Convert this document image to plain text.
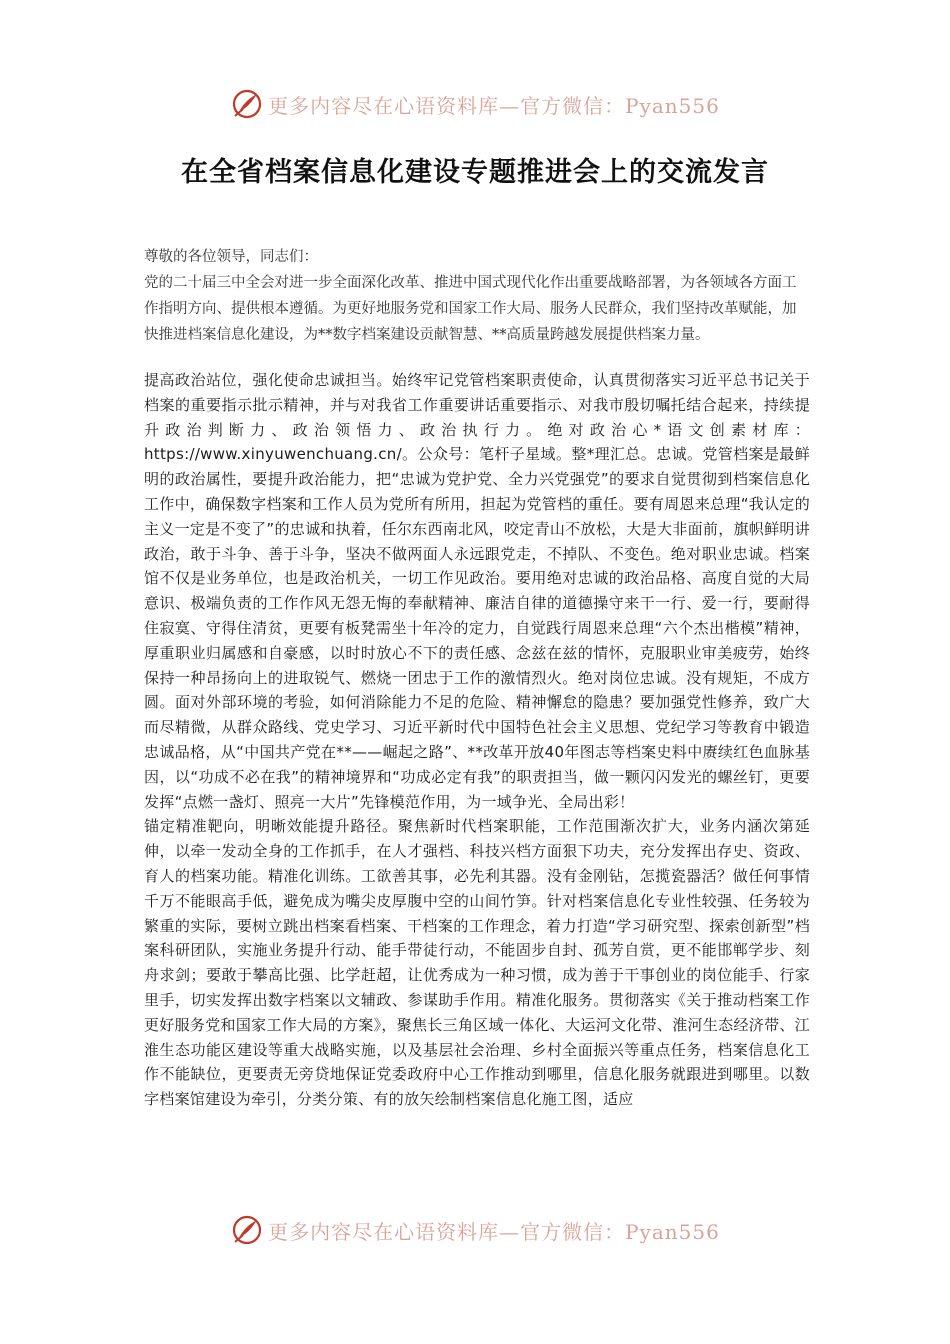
更多内容尽在心语资料库—官方微信：Pyan556
在全省档案信息化建设专题推进会上的交流发言

尊敬的各位领导，同志们：

党的二十届三中全会对进一步全面深化改革、推进中国式现代化作出重要战略部署，为各领域各方面工作指明方向、提供根本遵循。为更好地服务党和国家工作大局、服务人民群众，我们坚持改革赋能，加快推进档案信息化建设，为**数字档案建设贡献智慧、**高质量跨越发展提供档案力量。

提高政治站位，强化使命忠诚担当。始终牢记党管档案职责使命，认真贯彻落实习近平总书记关于档案的重要指示批示精神，并与对我省工作重要讲话重要指示、对我市殷切嘱托结合起来，持续提升政治判断力、政治领悟力、政治执行力。绝对政治心*语文创素材库：https://www.xinyuwenchuang.cn/。公众号：笔杆子星域。整*理汇总。忠诚。党管档案是最鲜明的政治属性，要提升政治能力，把“忠诚为党护党、全力兴党强党”的要求自觉贯彻到档案信息化工作中，确保数字档案和工作人员为党所有所用，担起为党管档的重任。要有周恩来总理“我认定的主义一定是不变了”的忠诚和执着，任尔东西南北风，咬定青山不放松，大是大非面前，旗帜鲜明讲政治，敢于斗争、善于斗争，坚决不做两面人永远跟党走，不掉队、不变色。绝对职业忠诚。档案馆不仅是业务单位，也是政治机关，一切工作见政治。要用绝对忠诚的政治品格、高度自觉的大局意识、极端负责的工作作风无怨无悔的奉献精神、廉洁自律的道德操守来干一行、爱一行，要耐得住寂寞、守得住清贫，更要有板凳需坐十年冷的定力，自觉践行周恩来总理“六个杰出楷模”精神，厚重职业归属感和自豪感，以时时放心不下的责任感、念兹在兹的情怀，克服职业审美疲劳，始终保持一种昂扬向上的进取锐气、燃烧一团忠于工作的激情烈火。绝对岗位忠诚。没有规矩，不成方圆。面对外部环境的考验，如何消除能力不足的危险、精神懈怠的隐患？要加强党性修养，致广大而尽精微，从群众路线、党史学习、习近平新时代中国特色社会主义思想、党纪学习等教育中锻造忠诚品格，从“中国共产党在**——崛起之路”、**改革开放40年图志等档案史料中赓续红色血脉基因，以“功成不必在我”的精神境界和“功成必定有我”的职责担当，做一颗闪闪发光的螺丝钉，更要发挥“点燃一盏灯、照亮一大片”先锋模范作用，为一域争光、全局出彩！

锚定精准靶向，明晰效能提升路径。聚焦新时代档案职能，工作范围渐次扩大，业务内涵次第延伸，以牵一发动全身的工作抓手，在人才强档、科技兴档方面狠下功夫，充分发挥出存史、资政、育人的档案功能。精准化训练。工欲善其事，必先利其器。没有金刚钻，怎揽瓷器活？做任何事情千万不能眼高手低，避免成为嘴尖皮厚腹中空的山间竹笋。针对档案信息化专业性较强、任务较为繁重的实际，要树立跳出档案看档案、干档案的工作理念，着力打造“学习研究型、探索创新型”档案科研团队，实施业务提升行动、能手带徒行动，不能固步自封、孤芳自赏，更不能邯郸学步、刻舟求剑；要敢于攀高比强、比学赶超，让优秀成为一种习惯，成为善于干事创业的岗位能手、行家里手，切实发挥出数字档案以文辅政、参谋助手作用。精准化服务。贯彻落实《关于推动档案工作更好服务党和国家工作大局的方案》，聚焦长三角区域一体化、大运河文化带、淮河生态经济带、江淮生态功能区建设等重大战略实施，以及基层社会治理、乡村全面振兴等重点任务，档案信息化工作不能缺位，更要责无旁贷地保证党委政府中心工作推动到哪里，信息化服务就跟进到哪里。以数字档案馆建设为牵引，分类分策、有的放矢绘制档案信息化施工图，适应

更多内容尽在心语资料库—官方微信：Pyan556
